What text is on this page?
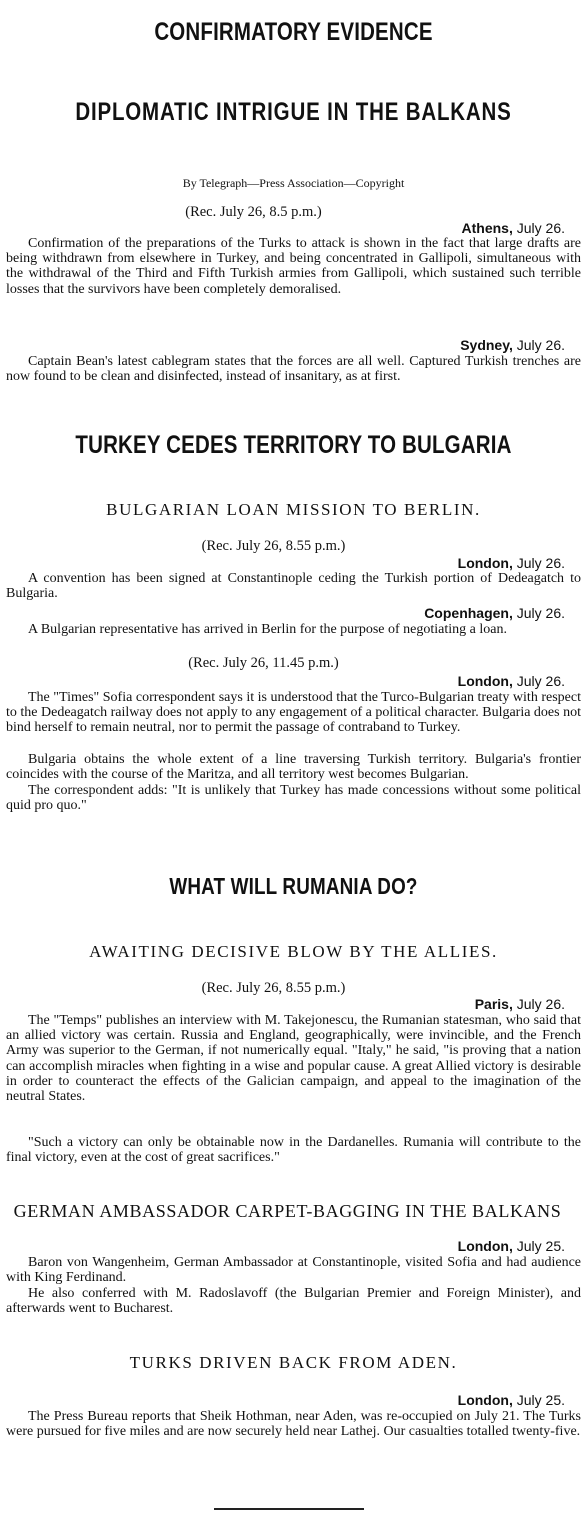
CONFIRMATORY EVIDENCE
DIPLOMATIC INTRIGUE IN THE BALKANS
By Telegraph—Press Association—Copyright
(Rec. July 26, 8.5 p.m.)
Athens, July 26.

Confirmation of the preparations of the Turks to attack is shown in the fact that large drafts are being withdrawn from elsewhere in Turkey, and being concentrated in Gallipoli, simultaneous with the withdrawal of the Third and Fifth Turkish armies from Gallipoli, which sustained such terrible losses that the survivors have been completely demoralised.

Sydney, July 26.

Captain Bean's latest cablegram states that the forces are all well. Captured Turkish trenches are now found to be clean and disinfected, instead of insanitary, as at first.

TURKEY CEDES TERRITORY TO BULGARIA
BULGARIAN LOAN MISSION TO BERLIN.
(Rec. July 26, 8.55 p.m.)
London, July 26.

A convention has been signed at Constantinople ceding the Turkish portion of Dedeagatch to Bulgaria.

Copenhagen, July 26.

A Bulgarian representative has arrived in Berlin for the purpose of negotiating a loan.

(Rec. July 26, 11.45 p.m.)
London, July 26.

The "Times" Sofia correspondent says it is understood that the Turco-Bulgarian treaty with respect to the Dedeagatch railway does not apply to any engagement of a political character. Bulgaria does not bind herself to remain neutral, nor to permit the passage of contraband to Turkey.

Bulgaria obtains the whole extent of a line traversing Turkish territory. Bulgaria's frontier coincides with the course of the Maritza, and all territory west becomes Bulgarian.

The correspondent adds: "It is unlikely that Turkey has made concessions without some political quid pro quo."

WHAT WILL RUMANIA DO?
AWAITING DECISIVE BLOW BY THE ALLIES.
(Rec. July 26, 8.55 p.m.)
Paris, July 26.

The "Temps" publishes an interview with M. Takejonescu, the Rumanian statesman, who said that an allied victory was certain. Russia and England, geographically, were invincible, and the French Army was superior to the German, if not numerically equal. "Italy," he said, "is proving that a nation can accomplish miracles when fighting in a wise and popular cause. A great Allied victory is desirable in order to counteract the effects of the Galician campaign, and appeal to the imagination of the neutral States.

"Such a victory can only be obtainable now in the Dardanelles. Rumania will contribute to the final victory, even at the cost of great sacrifices."

GERMAN AMBASSADOR CARPET-BAGGING IN THE BALKANS
London, July 25.

Baron von Wangenheim, German Ambassador at Constantinople, visited Sofia and had audience with King Ferdinand.

He also conferred with M. Radoslavoff (the Bulgarian Premier and Foreign Minister), and afterwards went to Bucharest.

TURKS DRIVEN BACK FROM ADEN.
London, July 25.

The Press Bureau reports that Sheik Hothman, near Aden, was re-occupied on July 21. The Turks were pursued for five miles and are now securely held near Lathej. Our casualties totalled twenty-five.
